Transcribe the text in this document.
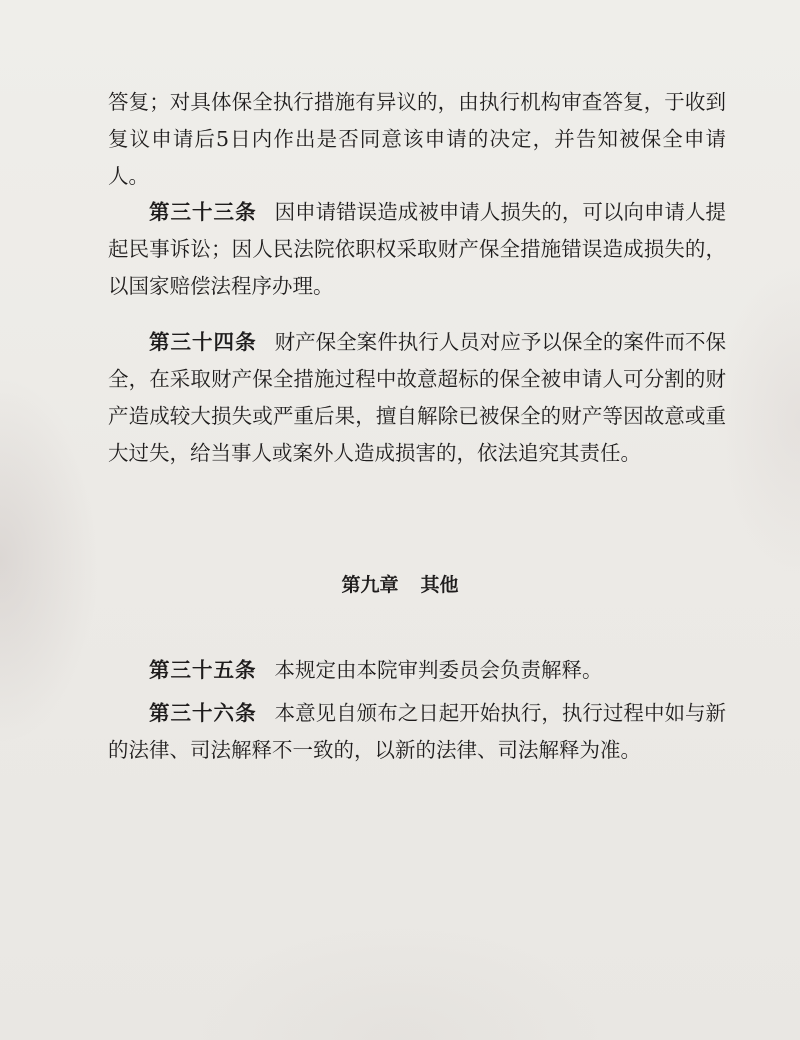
答复；对具体保全执行措施有异议的，由执行机构审查答复，于收到复议申请后5日内作出是否同意该申请的决定，并告知被保全申请人。

第三十三条 因申请错误造成被申请人损失的，可以向申请人提起民事诉讼；因人民法院依职权采取财产保全措施错误造成损失的，以国家赔偿法程序办理。

第三十四条 财产保全案件执行人员对应予以保全的案件而不保全，在采取财产保全措施过程中故意超标的保全被申请人可分割的财产造成较大损失或严重后果，擅自解除已被保全的财产等因故意或重大过失，给当事人或案外人造成损害的，依法追究其责任。

第九章 其他

第三十五条 本规定由本院审判委员会负责解释。

第三十六条 本意见自颁布之日起开始执行，执行过程中如与新的法律、司法解释不一致的，以新的法律、司法解释为准。
